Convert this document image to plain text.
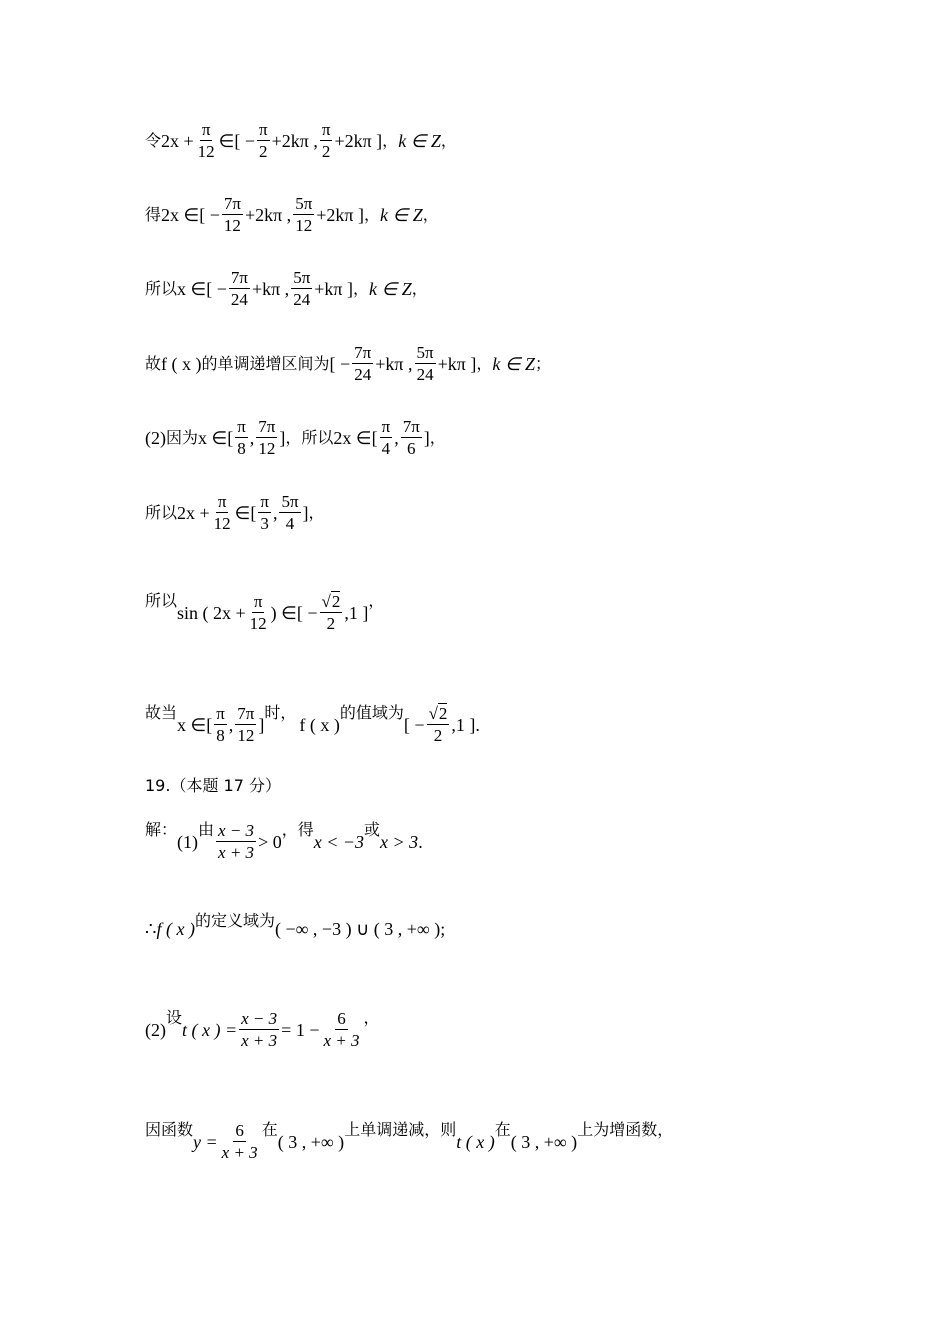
令 $2x + \frac{\pi}{12}$ ∈[ − $\frac{\pi}{2} +2k\pi$ , $\frac{\pi}{2} +2k\pi$ ] ， k ∈ Z ，
得 2x ∈[ − $\frac{7\pi}{12} +2k\pi$ , $\frac{5\pi}{12} +2k\pi$ ] ， k ∈ Z ，
所以 x ∈[ − $\frac{7\pi}{24} +k\pi$ , $\frac{5\pi}{24} +k\pi$ ] ， k ∈ Z ，
故 f ( x ) 的单调递增区间为 [ − $\frac{7\pi}{24} +k\pi$ , $\frac{5\pi}{24} +k\pi$ ] ， k ∈ Z ；
(2) 因为 x ∈[ $\frac{\pi}{8}$ , $\frac{7\pi}{12}$ ] ， 所以 2x ∈[ $\frac{\pi}{4}$ , $\frac{7\pi}{6}$ ] ，
所以 $2x + \frac{\pi}{12}$ ∈[ $\frac{\pi}{3}$ , $\frac{5\pi}{4}$ ] ，
所以
sin ( $2x + \frac{\pi}{12}$ ) ∈[ − $\frac{√2}{2} ,1$ ]
，
故当
x ∈[ $\frac{\pi}{8}$ , $\frac{7\pi}{12}$ ]
时，
f ( x )
的值域为
[ − $\frac{√2}{2} ,1$ ] .
19.（本题 17 分）
解：
(1)
由 $\frac{x - 3}{x + 3} > 0$
，得
x < −3
或
x > 3 .
∴ f ( x ) 的定义域为 ( −∞ , −3 ) ∪ ( 3 , +∞ );
(2)
设
t ( x ) = $\frac{x - 3}{x + 3} = 1 - \frac{6}{x + 3}$ ，
因函数
$y = \frac{6}{x + 3}$ 在
( 3 , +∞ )
上单调递减，则
t ( x )
在
( 3 , +∞ )
上为增函数，
